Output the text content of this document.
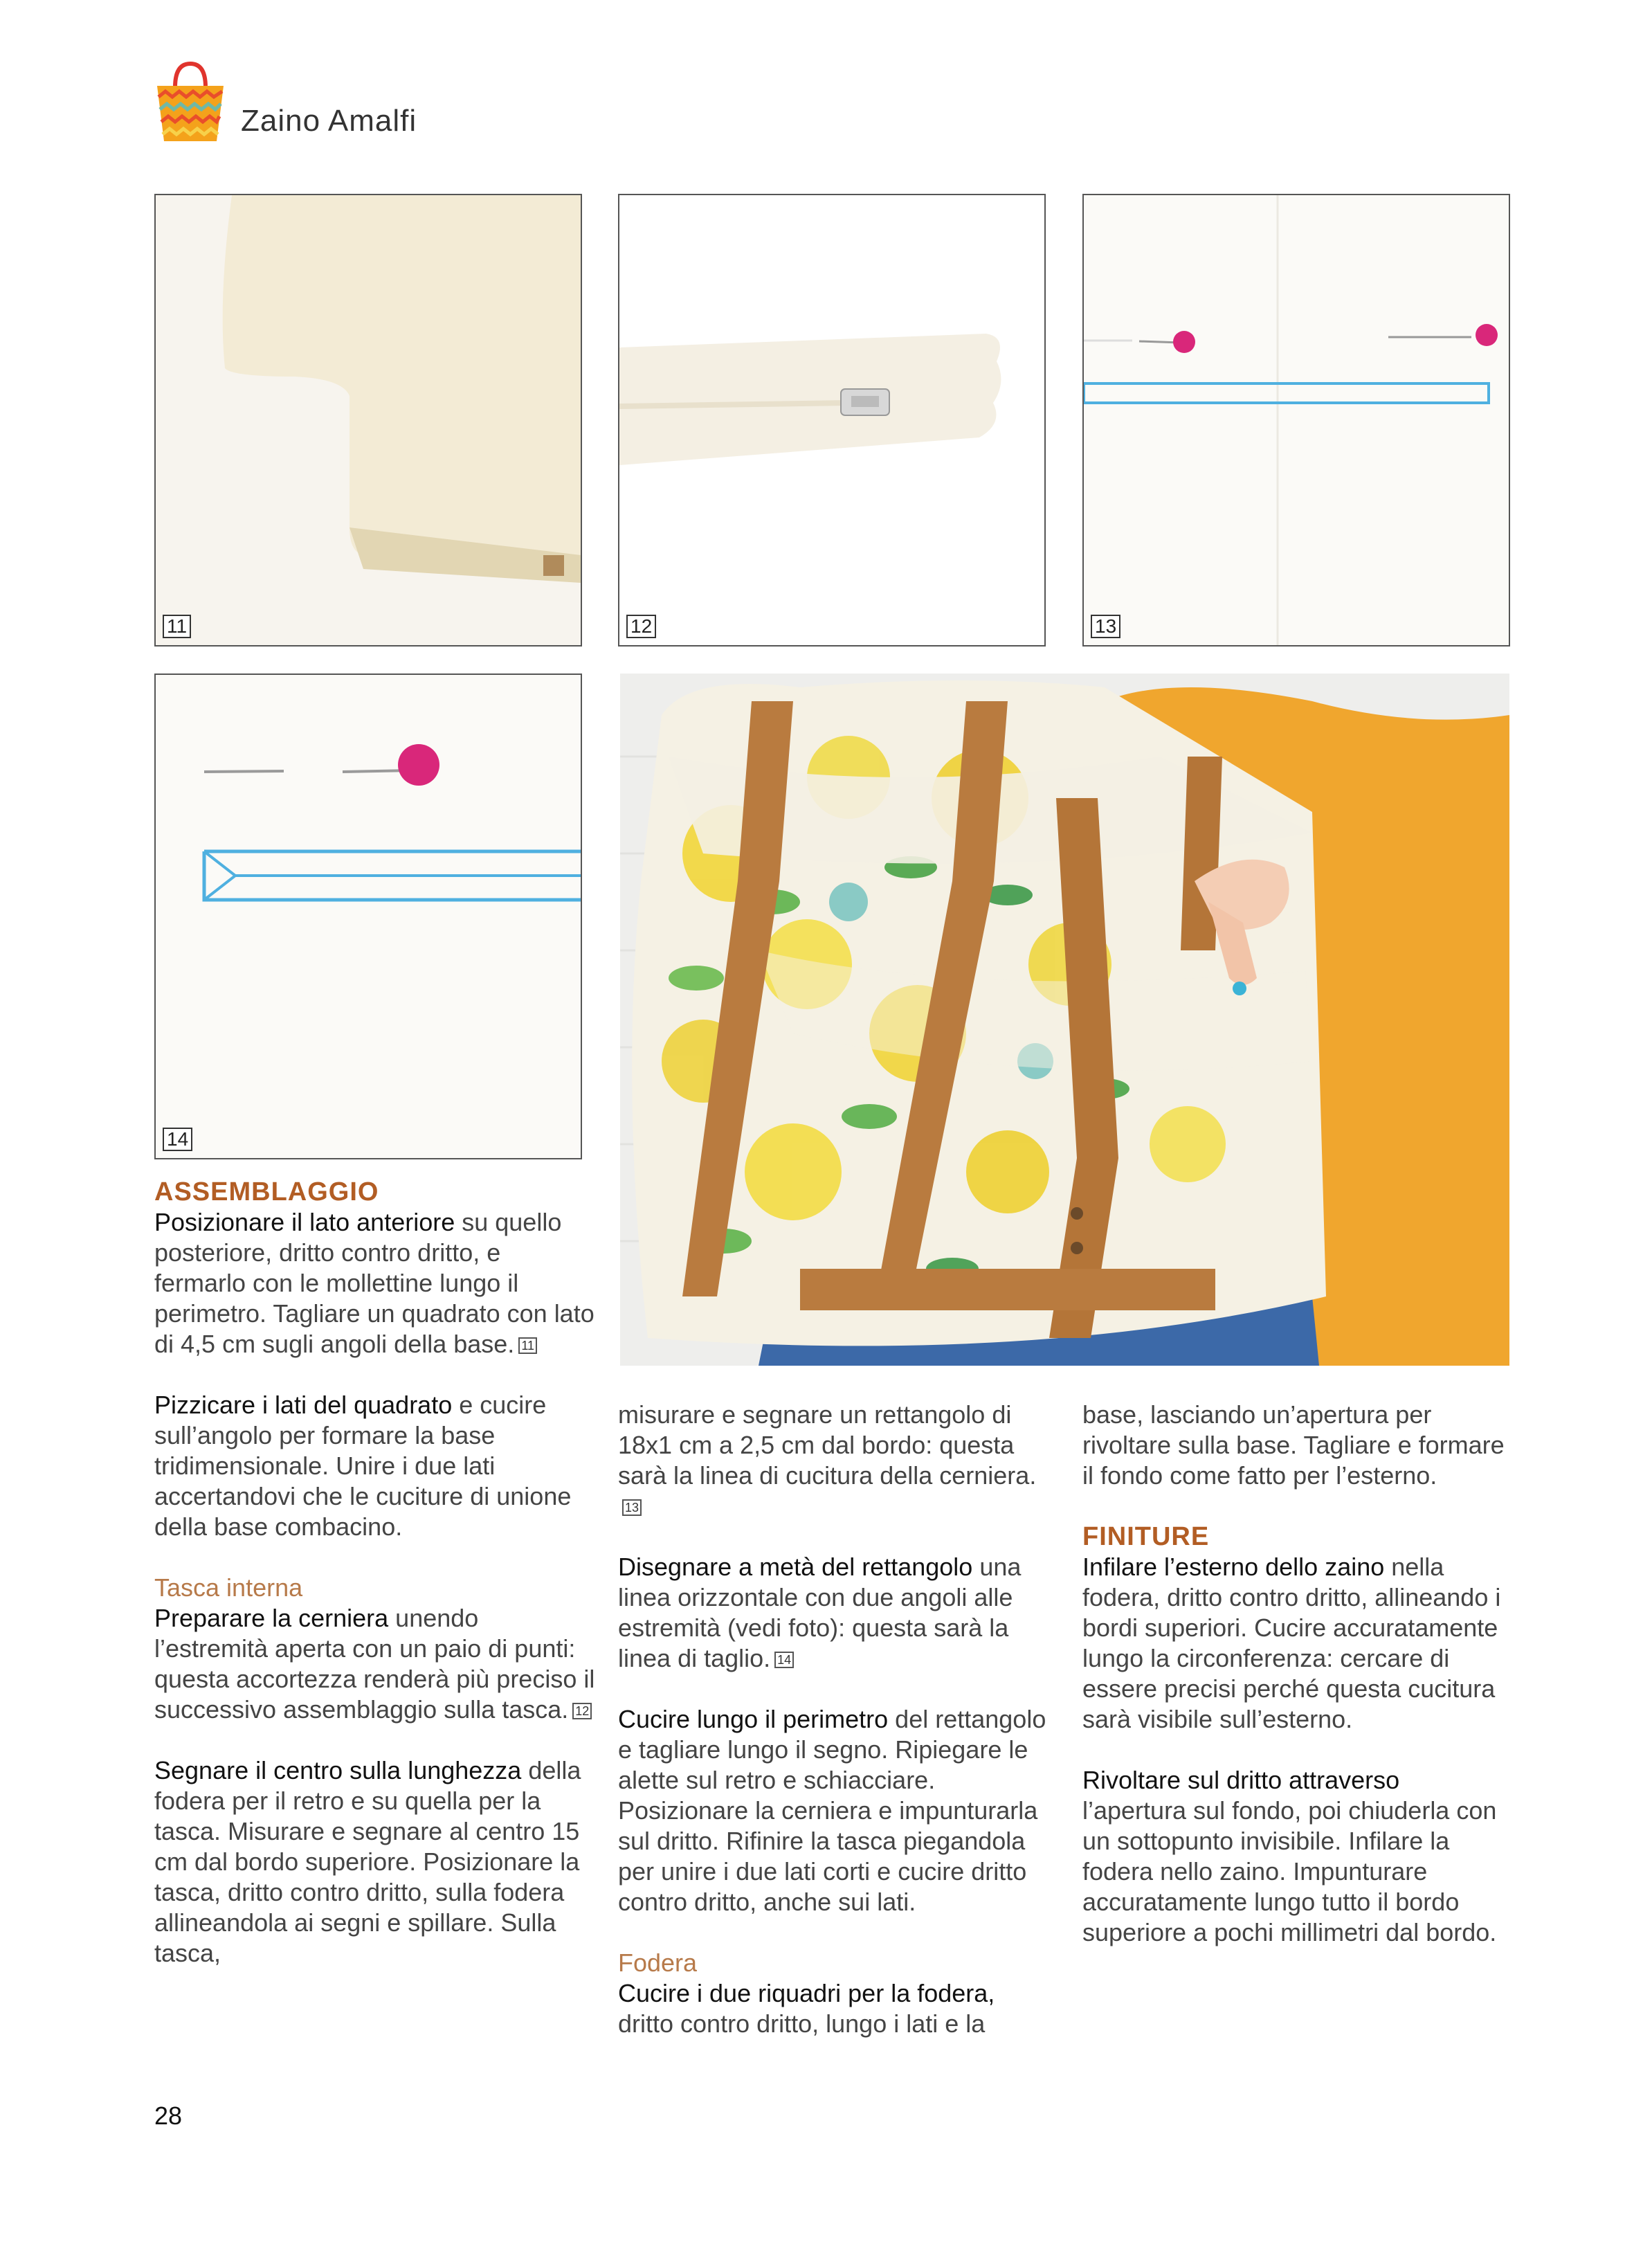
Zaino Amalfi
11	12	13
14

ASSEMBLAGGIO

Posizionare il lato anteriore su quello posteriore, dritto contro dritto, e fermarlo con le mollettine lungo il perimetro. Tagliare un quadrato con lato di 4,5 cm sugli angoli della base. 11

Pizzicare i lati del quadrato e cucire sull’angolo per formare la base tridimensionale. Unire i due lati accertandovi che le cuciture di unione della base combacino.

Tasca interna

Preparare la cerniera unendo l’estremità aperta con un paio di punti: questa accortezza renderà più preciso il successivo assemblaggio sulla tasca. 12

Segnare il centro sulla lunghezza della fodera per il retro e su quella per la tasca. Misurare e segnare al centro 15 cm dal bordo superiore. Posizionare la tasca, dritto contro dritto, sulla fodera allineandola ai segni e spillare. Sulla tasca,

misurare e segnare un rettangolo di 18x1 cm a 2,5 cm dal bordo: questa sarà la linea di cucitura della cerniera.13

Disegnare a metà del rettangolo una linea orizzontale con due angoli alle estremità (vedi foto): questa sarà la linea di taglio. 14

Cucire lungo il perimetro del rettangolo e tagliare lungo il segno. Ripiegare le alette sul retro e schiacciare. Posizionare la cerniera e impunturarla sul dritto. Rifinire la tasca piegandola per unire i due lati corti e cucire dritto contro dritto, anche sui lati.

Fodera

Cucire i due riquadri per la fodera, dritto contro dritto, lungo i lati e la

base, lasciando un’apertura per rivoltare sulla base. Tagliare e formare il fondo come fatto per l’esterno.

FINITURE

Infilare l’esterno dello zaino nella fodera, dritto contro dritto, allineando i bordi superiori. Cucire accuratamente lungo la circonferenza: cercare di essere precisi perché questa cucitura sarà visibile sull’esterno.

Rivoltare sul dritto attraverso l’apertura sul fondo, poi chiuderla con un sottopunto invisibile. Infilare la fodera nello zaino. Impunturare accuratamente lungo tutto il bordo superiore a pochi millimetri dal bordo.

28
